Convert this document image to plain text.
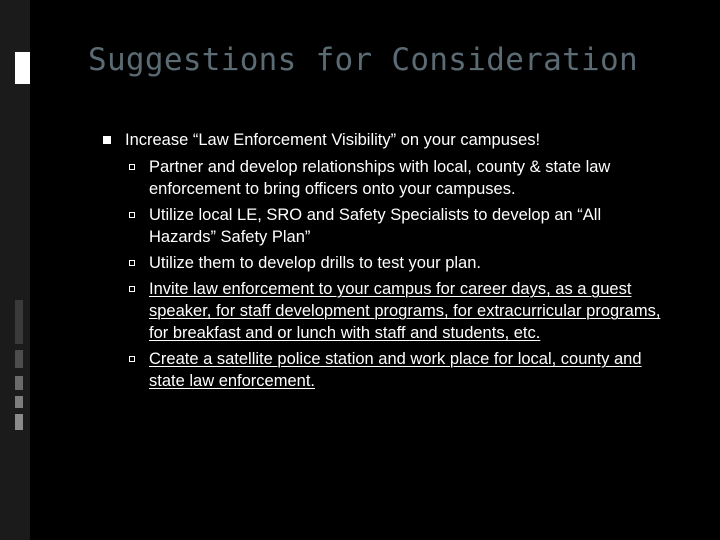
Suggestions for Consideration
Increase “Law Enforcement Visibility” on your campuses!
Partner and develop relationships with local, county & state law enforcement to bring officers onto your campuses.
Utilize local LE, SRO and Safety Specialists to develop an “All Hazards” Safety Plan”
Utilize them to develop drills to test your plan.
Invite law enforcement to your campus for career days, as a guest speaker, for staff development programs, for extracurricular programs, for breakfast and or lunch with staff and students, etc.
Create a satellite police station and work place for local, county and state law enforcement.
